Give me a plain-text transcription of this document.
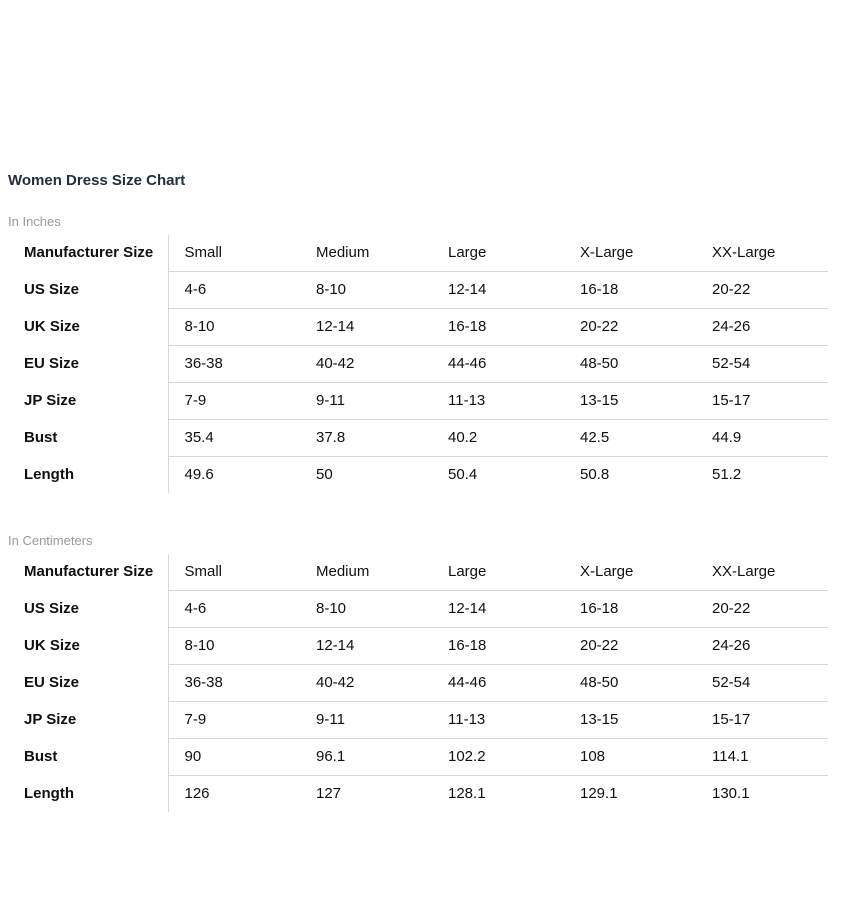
Women Dress Size Chart
In Inches
Manufacturer Size	Small	Medium	Large	X-Large	XX-Large
US Size	4-6	8-10	12-14	16-18	20-22
UK Size	8-10	12-14	16-18	20-22	24-26
EU Size	36-38	40-42	44-46	48-50	52-54
JP Size	7-9	9-11	11-13	13-15	15-17
Bust	35.4	37.8	40.2	42.5	44.9
Length	49.6	50	50.4	50.8	51.2
In Centimeters
Manufacturer Size	Small	Medium	Large	X-Large	XX-Large
US Size	4-6	8-10	12-14	16-18	20-22
UK Size	8-10	12-14	16-18	20-22	24-26
EU Size	36-38	40-42	44-46	48-50	52-54
JP Size	7-9	9-11	11-13	13-15	15-17
Bust	90	96.1	102.2	108	114.1
Length	126	127	128.1	129.1	130.1
